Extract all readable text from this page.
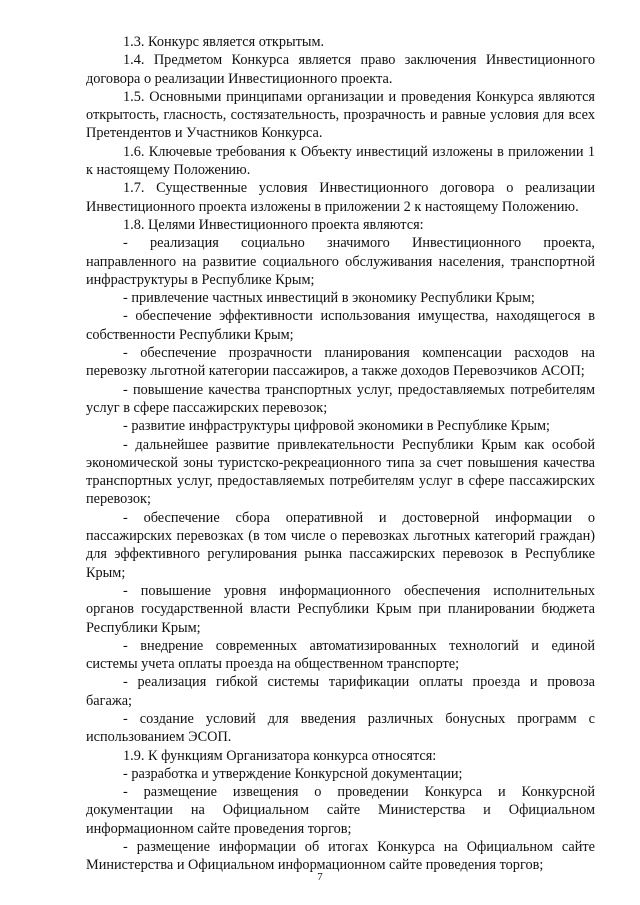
1.3. Конкурс является открытым.

1.4. Предметом Конкурса является право заключения Инвестиционного договора о реализации Инвестиционного проекта.

1.5. Основными принципами организации и проведения Конкурса являются открытость, гласность, состязательность, прозрачность и равные условия для всех Претендентов и Участников Конкурса.

1.6. Ключевые требования к Объекту инвестиций изложены в приложении 1 к настоящему Положению.

1.7. Существенные условия Инвестиционного договора о реализации Инвестиционного проекта изложены в приложении 2 к настоящему Положению.

1.8. Целями Инвестиционного проекта являются:

- реализация социально значимого Инвестиционного проекта, направленного на развитие социального обслуживания населения, транспортной инфраструктуры в Республике Крым;

- привлечение частных инвестиций в экономику Республики Крым;

- обеспечение эффективности использования имущества, находящегося в собственности Республики Крым;

- обеспечение прозрачности планирования компенсации расходов на перевозку льготной категории пассажиров, а также доходов Перевозчиков АСОП;

- повышение качества транспортных услуг, предоставляемых потребителям услуг в сфере пассажирских перевозок;

- развитие инфраструктуры цифровой экономики в Республике Крым;

- дальнейшее развитие привлекательности Республики Крым как особой экономической зоны туристско-рекреационного типа за счет повышения качества транспортных услуг, предоставляемых потребителям услуг в сфере пассажирских перевозок;

- обеспечение сбора оперативной и достоверной информации о пассажирских перевозках (в том числе о перевозках льготных категорий граждан) для эффективного регулирования рынка пассажирских перевозок в Республике Крым;

- повышение уровня информационного обеспечения исполнительных органов государственной власти Республики Крым при планировании бюджета Республики Крым;

- внедрение современных автоматизированных технологий и единой системы учета оплаты проезда на общественном транспорте;

- реализация гибкой системы тарификации оплаты проезда и провоза багажа;

- создание условий для введения различных бонусных программ с использованием ЭСОП.

1.9. К функциям Организатора конкурса относятся:

- разработка и утверждение Конкурсной документации;

- размещение извещения о проведении Конкурса и Конкурсной документации на Официальном сайте Министерства и Официальном информационном сайте проведения торгов;

- размещение информации об итогах Конкурса на Официальном сайте Министерства и Официальном информационном сайте проведения торгов;

7
